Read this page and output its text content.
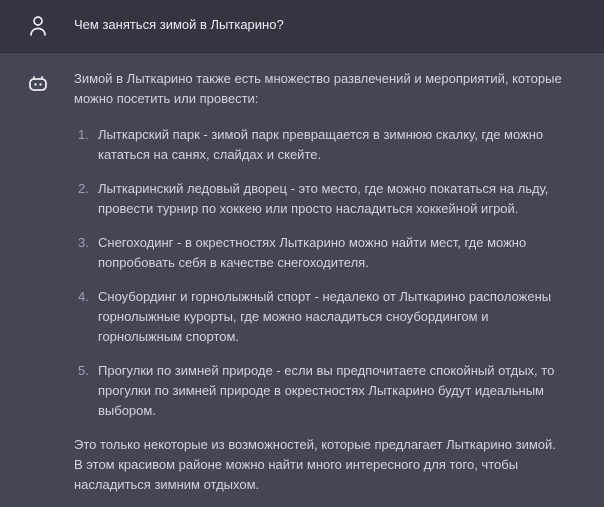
Чем заняться зимой в Лыткарино?

Зимой в Лыткарино также есть множество развлечений и мероприятий, которые можно посетить или провести:

1. Лыткарский парк - зимой парк превращается в зимнюю скалку, где можно кататься на санях, слайдах и скейте.
2. Лыткаринский ледовый дворец - это место, где можно покататься на льду, провести турнир по хоккею или просто насладиться хоккейной игрой.
3. Снегоходинг - в окрестностях Лыткарино можно найти мест, где можно попробовать себя в качестве снегоходителя.
4. Сноубординг и горнолыжный спорт - недалеко от Лыткарино расположены горнолыжные курорты, где можно насладиться сноубордингом и горнолыжным спортом.
5. Прогулки по зимней природе - если вы предпочитаете спокойный отдых, то прогулки по зимней природе в окрестностях Лыткарино будут идеальным выбором.

Это только некоторые из возможностей, которые предлагает Лыткарино зимой. В этом красивом районе можно найти много интересного для того, чтобы насладиться зимним отдыхом.
